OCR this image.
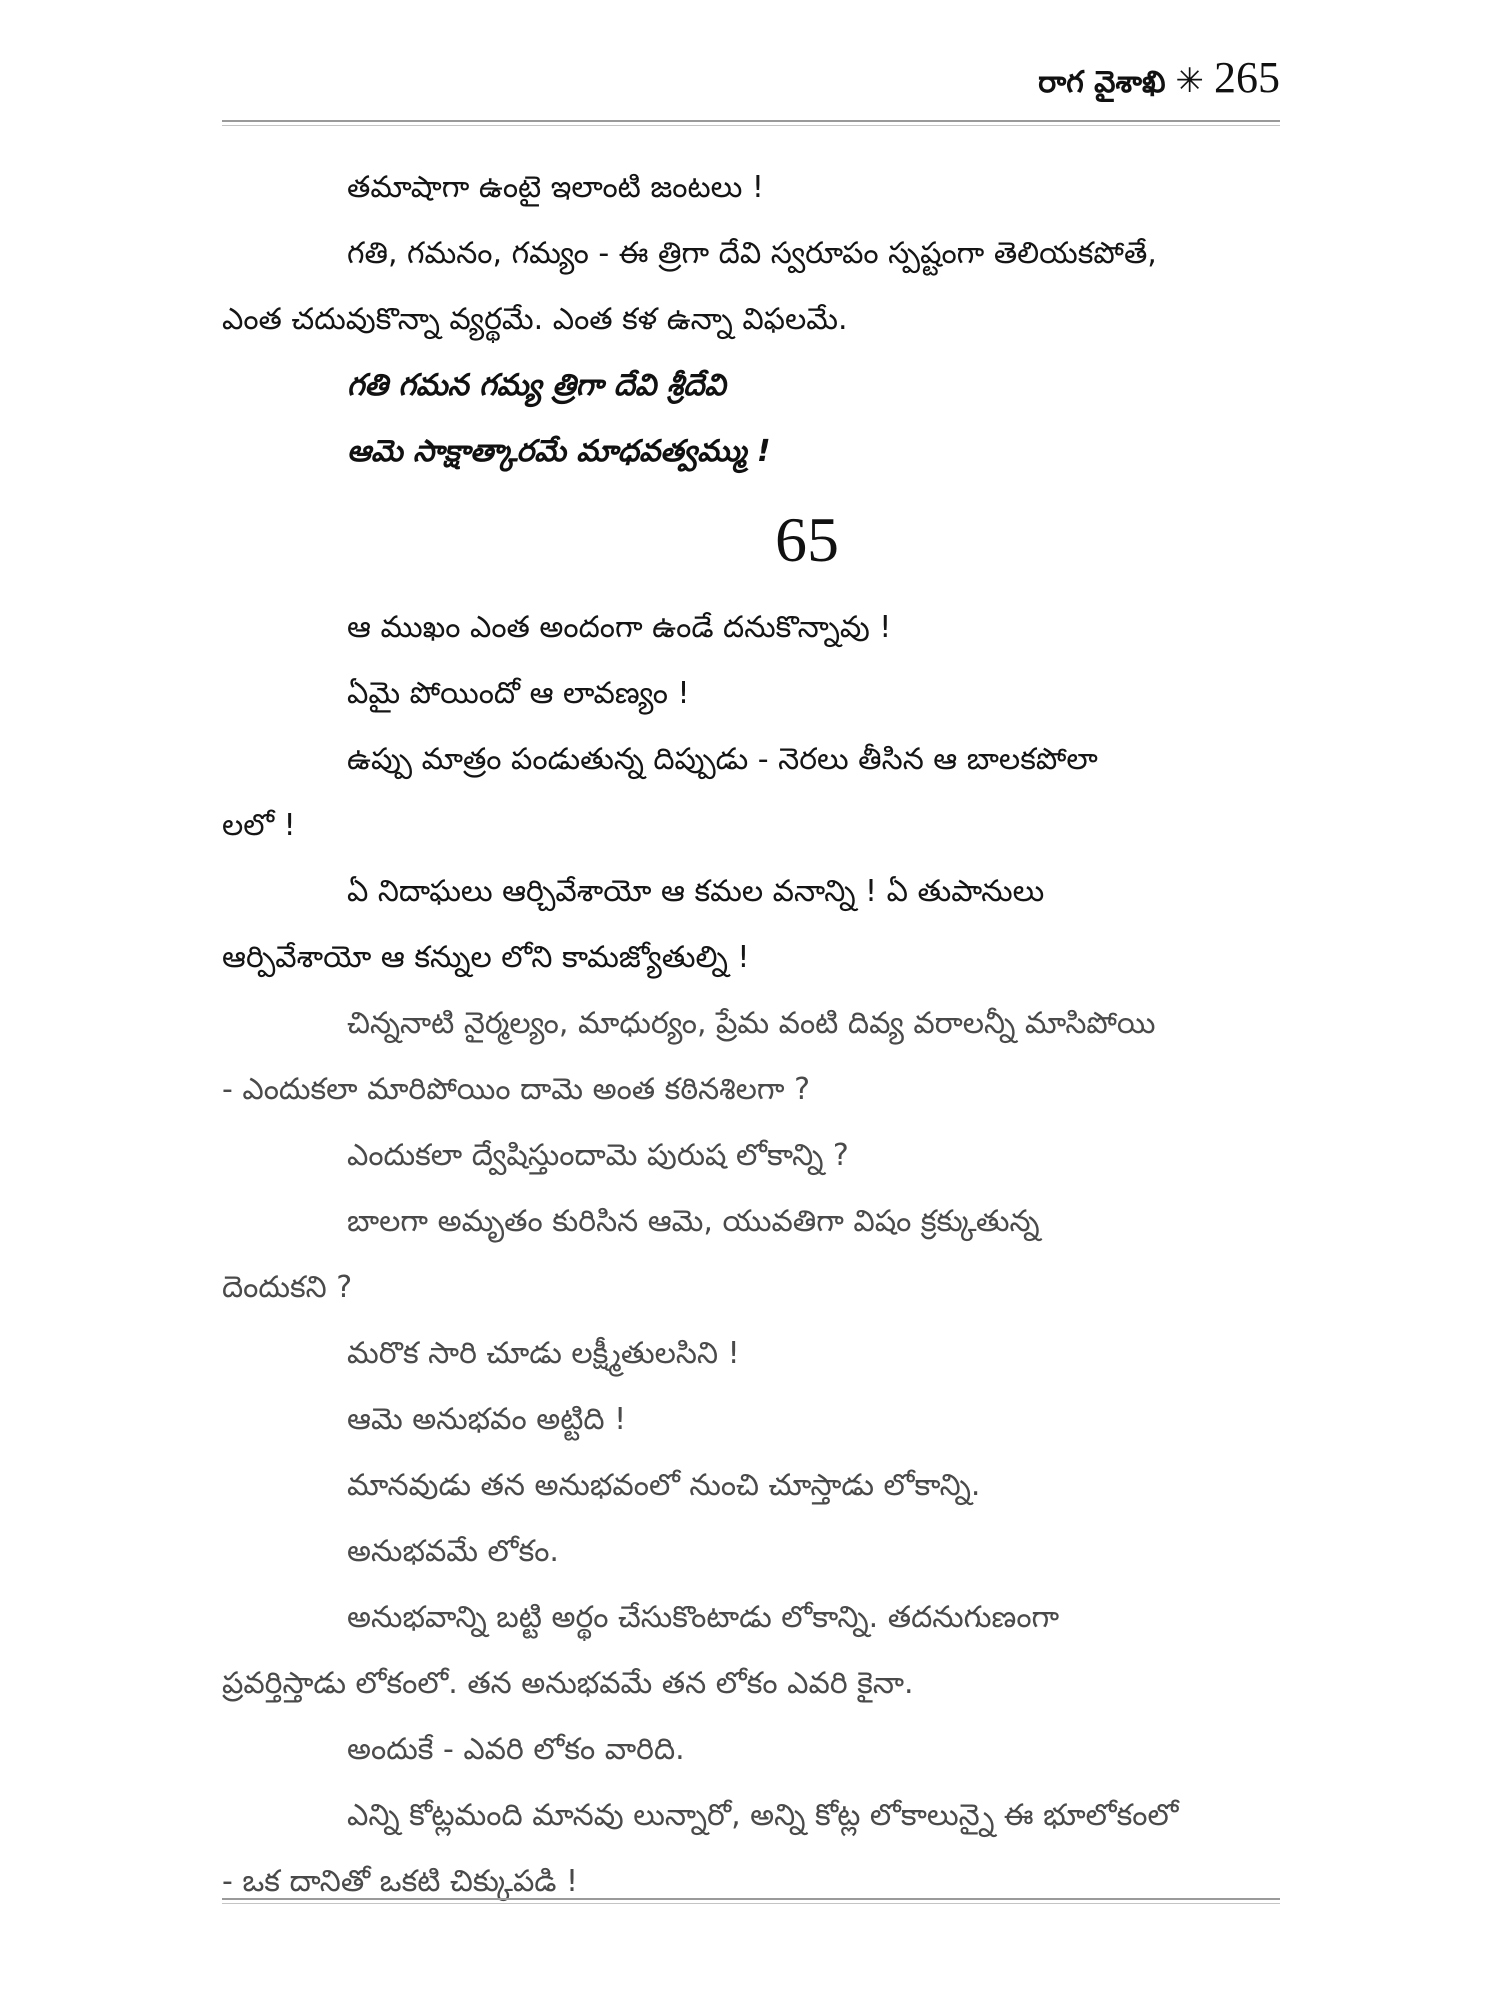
రాగ వైశాఖి ✳ 265
తమాషాగా ఉంటై ఇలాంటి జంటలు !
గతి, గమనం, గమ్యం - ఈ త్రిగా దేవి స్వరూపం స్పష్టంగా తెలియకపోతే,
ఎంత చదువుకొన్నా వ్యర్థమే. ఎంత కళ ఉన్నా విఫలమే.
గతి గమన గమ్య త్రిగా దేవి శ్రీదేవి
ఆమె సాక్షాత్కారమే మాధవత్వమ్ము !
65
ఆ ముఖం ఎంత అందంగా ఉండే దనుకొన్నావు !
ఏమై పోయిందో ఆ లావణ్యం !
ఉప్పు మాత్రం పండుతున్న దిప్పుడు - నెరలు తీసిన ఆ బాలకపోలా
లలో !
ఏ నిదాఘలు ఆర్చివేశాయో ఆ కమల వనాన్ని ! ఏ తుపానులు
ఆర్పివేశాయో ఆ కన్నుల లోని కామజ్యోతుల్ని !
చిన్ననాటి నైర్మల్యం, మాధుర్యం, ప్రేమ వంటి దివ్య వరాలన్నీ మాసిపోయి
- ఎందుకలా మారిపోయిం దామె అంత కఠినశిలగా ?
ఎందుకలా ద్వేషిస్తుందామె పురుష లోకాన్ని ?
బాలగా అమృతం కురిసిన ఆమె, యువతిగా విషం క్రక్కుతున్న
దెందుకని ?
మరొక సారి చూడు లక్ష్మీతులసిని !
ఆమె అనుభవం అట్టిది !
మానవుడు తన అనుభవంలో నుంచి చూస్తాడు లోకాన్ని.
అనుభవమే లోకం.
అనుభవాన్ని బట్టి అర్థం చేసుకొంటాడు లోకాన్ని. తదనుగుణంగా
ప్రవర్తిస్తాడు లోకంలో. తన అనుభవమే తన లోకం ఎవరి కైనా.
అందుకే - ఎవరి లోకం వారిది.
ఎన్ని కోట్లమంది మానవు లున్నారో, అన్ని కోట్ల లోకాలున్నై ఈ భూలోకంలో
- ఒక దానితో ఒకటి చిక్కుపడి !
